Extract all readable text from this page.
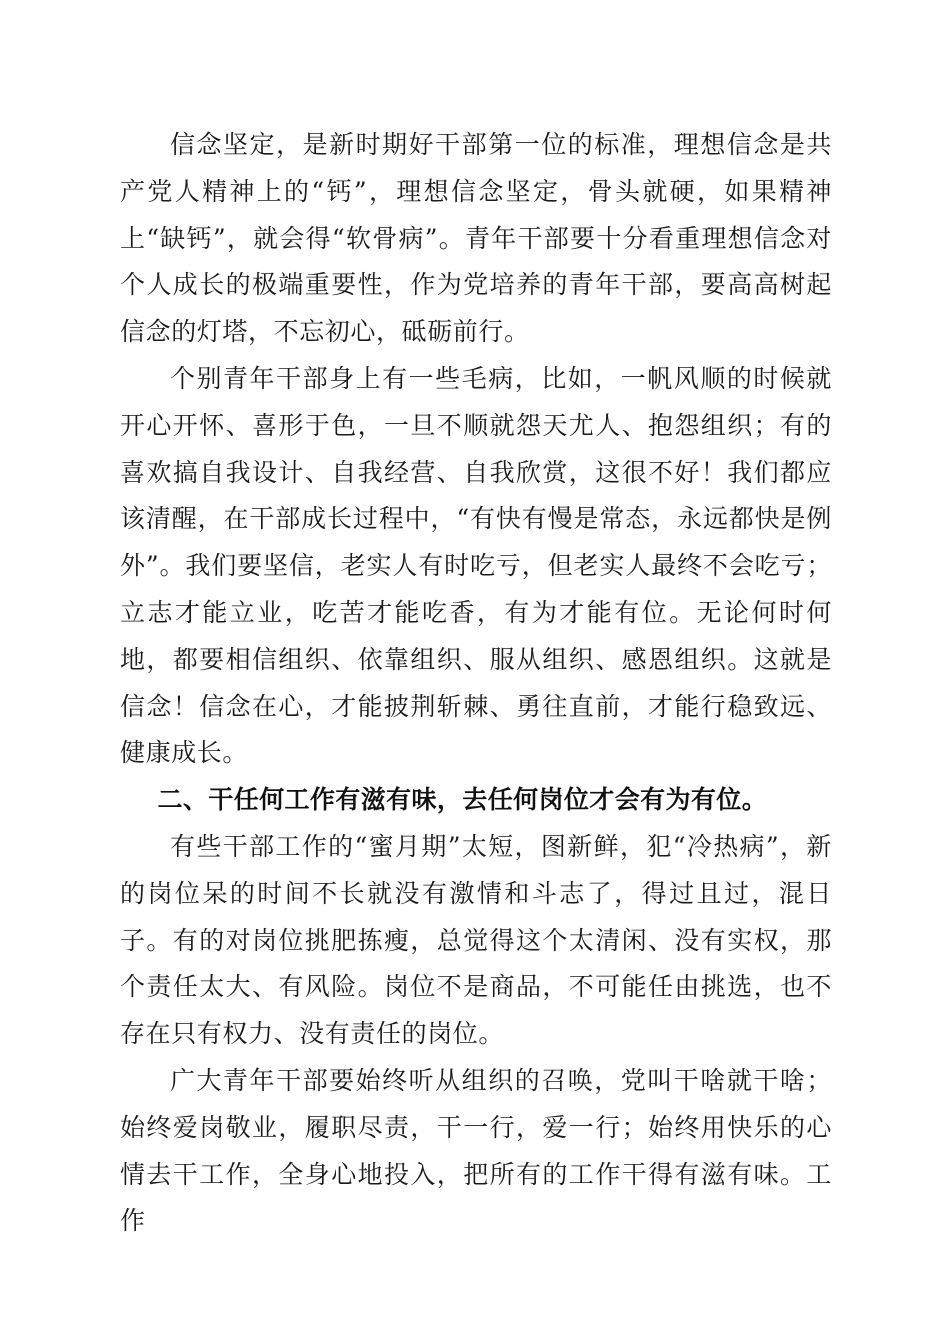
信念坚定，是新时期好干部第一位的标准，理想信念是共产党人精神上的“钙”，理想信念坚定，骨头就硬，如果精神上“缺钙”，就会得“软骨病”。青年干部要十分看重理想信念对个人成长的极端重要性，作为党培养的青年干部，要高高树起信念的灯塔，不忘初心，砥砺前行。

个别青年干部身上有一些毛病，比如，一帆风顺的时候就开心开怀、喜形于色，一旦不顺就怨天尤人、抱怨组织；有的喜欢搞自我设计、自我经营、自我欣赏，这很不好！我们都应该清醒，在干部成长过程中，“有快有慢是常态，永远都快是例外”。我们要坚信，老实人有时吃亏，但老实人最终不会吃亏；立志才能立业，吃苦才能吃香，有为才能有位。无论何时何地，都要相信组织、依靠组织、服从组织、感恩组织。这就是信念！信念在心，才能披荆斩棘、勇往直前，才能行稳致远、健康成长。

二、干任何工作有滋有味，去任何岗位才会有为有位。

有些干部工作的“蜜月期”太短，图新鲜，犯“冷热病”，新的岗位呆的时间不长就没有激情和斗志了，得过且过，混日子。有的对岗位挑肥拣瘦，总觉得这个太清闲、没有实权，那个责任太大、有风险。岗位不是商品，不可能任由挑选，也不存在只有权力、没有责任的岗位。

广大青年干部要始终听从组织的召唤，党叫干啥就干啥；始终爱岗敬业，履职尽责，干一行，爱一行；始终用快乐的心情去干工作，全身心地投入，把所有的工作干得有滋有味。工作
